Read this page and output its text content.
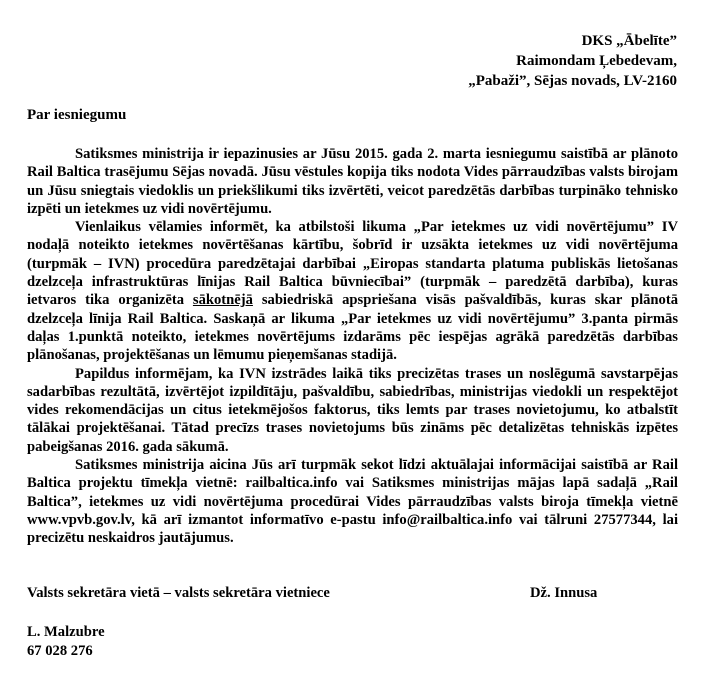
DKS „Ābelīte”
Raimondam Ļebedevam,
„Pabaži”, Sējas novads, LV-2160
Par iesniegumu

Satiksmes ministrija ir iepazinusies ar Jūsu 2015. gada 2. marta iesniegumu saistībā ar plānoto Rail Baltica trasējumu Sējas novadā. Jūsu vēstules kopija tiks nodota Vides pārraudzības valsts birojam un Jūsu sniegtais viedoklis un priekšlikumi tiks izvērtēti, veicot paredzētās darbības turpināko tehnisko izpēti un ietekmes uz vidi novērtējumu.

Vienlaikus vēlamies informēt, ka atbilstoši likuma „Par ietekmes uz vidi novērtējumu” IV nodaļā noteikto ietekmes novērtēšanas kārtību, šobrīd ir uzsākta ietekmes uz vidi novērtējuma (turpmāk – IVN) procedūra paredzētajai darbībai „Eiropas standarta platuma publiskās lietošanas dzelzceļa infrastruktūras līnijas Rail Baltica būvniecībai” (turpmāk – paredzētā darbība), kuras ietvaros tika organizēta sākotnējā sabiedriskā apspriešana visās pašvaldībās, kuras skar plānotā dzelzceļa līnija Rail Baltica. Saskaņā ar likuma „Par ietekmes uz vidi novērtējumu” 3.panta pirmās daļas 1.punktā noteikto, ietekmes novērtējums izdarāms pēc iespējas agrākā paredzētās darbības plānošanas, projektēšanas un lēmumu pieņemšanas stadijā.

Papildus informējam, ka IVN izstrādes laikā tiks precizētas trases un noslēgumā savstarpējas sadarbības rezultātā, izvērtējot izpildītāju, pašvaldību, sabiedrības, ministrijas viedokli un respektējot vides rekomendācijas un citus ietekmējošos faktorus, tiks lemts par trases novietojumu, ko atbalstīt tālākai projektēšanai. Tātad precīzs trases novietojums būs zināms pēc detalizētas tehniskās izpētes pabeigšanas 2016. gada sākumā.

Satiksmes ministrija aicina Jūs arī turpmāk sekot līdzi aktuālajai informācijai saistībā ar Rail Baltica projektu tīmekļa vietnē: railbaltica.info vai Satiksmes ministrijas mājas lapā sadaļā „Rail Baltica”, ietekmes uz vidi novērtējuma procedūrai Vides pārraudzības valsts biroja tīmekļa vietnē www.vpvb.gov.lv, kā arī izmantot informatīvo e-pastu info@railbaltica.info vai tālruni 27577344, lai precizētu neskaidros jautājumus.

Valsts sekretāra vietā – valsts sekretāra vietniece	Dž. Innusa
L. Malzubre
67 028 276
